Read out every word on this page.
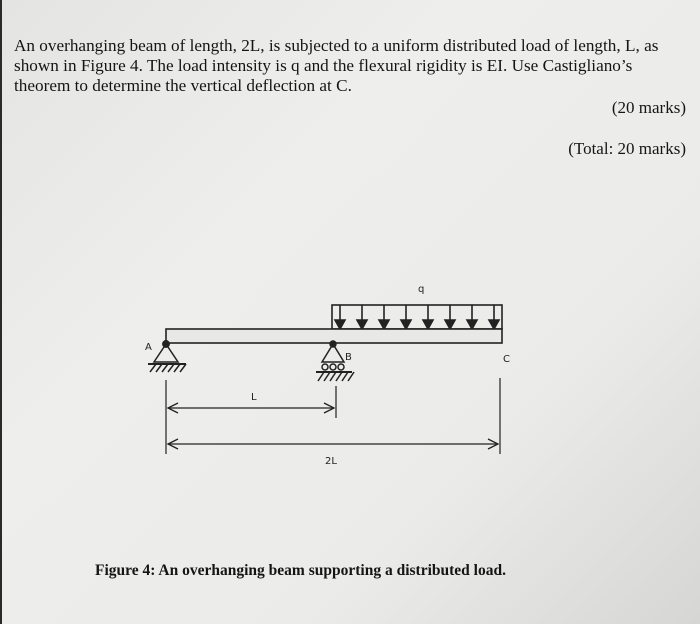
An overhanging beam of length, 2L, is subjected to a uniform distributed load of length, L, as
shown in Figure 4. The load intensity is q and the flexural rigidity is EI. Use Castigliano’s
theorem to determine the vertical deflection at C.
(20 marks)
(Total: 20 marks)
A
B	C
q
L
2L
Figure 4: An overhanging beam supporting a distributed load.
